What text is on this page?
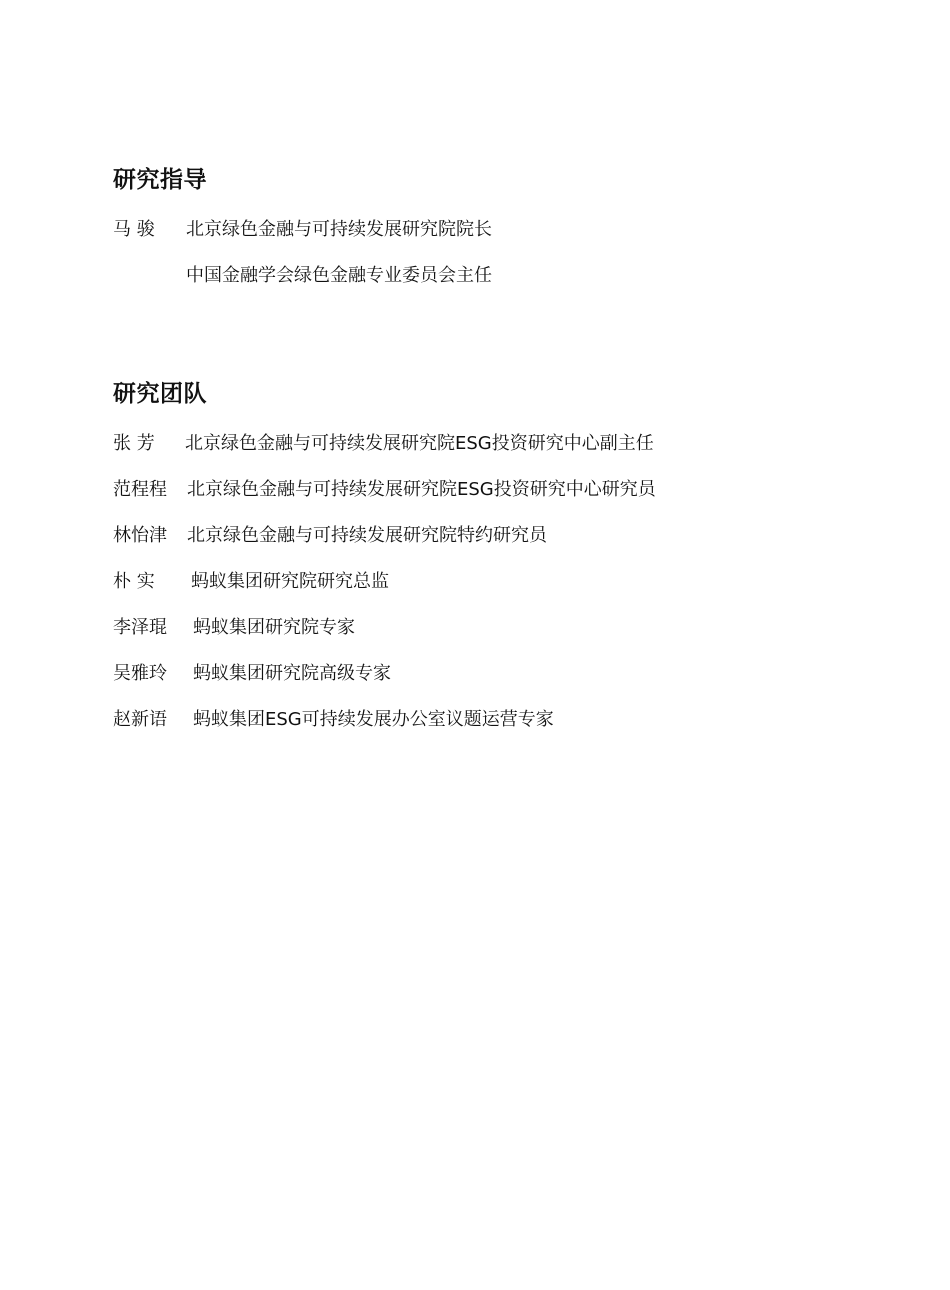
研究指导
马 骏 北京绿色金融与可持续发展研究院院长
中国金融学会绿色金融专业委员会主任
研究团队
张 芳 北京绿色金融与可持续发展研究院ESG投资研究中心副主任
范程程 北京绿色金融与可持续发展研究院ESG投资研究中心研究员
林怡津 北京绿色金融与可持续发展研究院特约研究员
朴 实 蚂蚁集团研究院研究总监
李泽琨 蚂蚁集团研究院专家
吴雅玲 蚂蚁集团研究院高级专家
赵新语 蚂蚁集团ESG可持续发展办公室议题运营专家
